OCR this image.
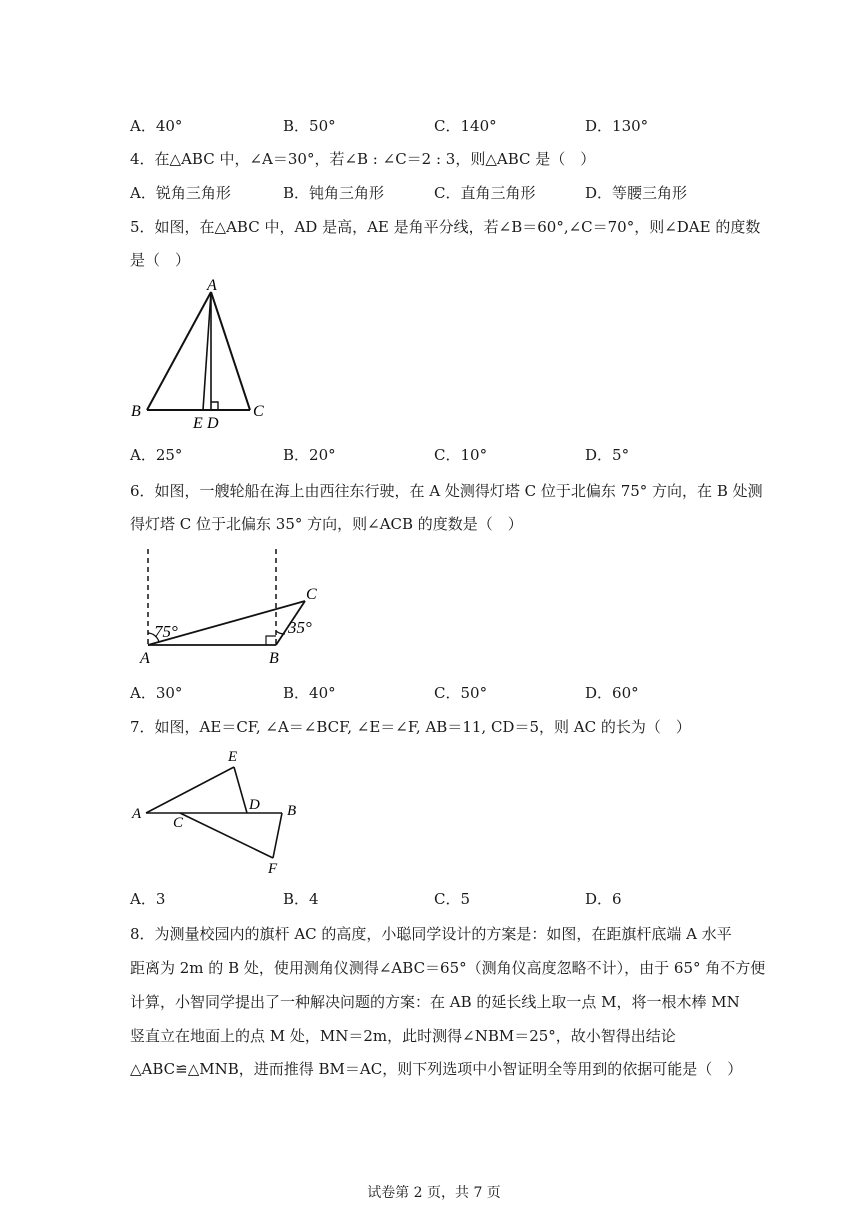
A．40°	B．50°	C．140°	D．130°
4．在△ABC 中，∠A＝30°，若∠B : ∠C＝2 : 3，则△ABC 是（　）
A．锐角三角形	B．钝角三角形	C．直角三角形	D．等腰三角形
5．如图，在△ABC 中，AD 是高，AE 是角平分线，若∠B＝60°,∠C＝70°，则∠DAE 的度数
是（　）
A
B	C
E D
A．25°	B．20°	C．10°	D．5°
6．如图，一艘轮船在海上由西往东行驶，在 A 处测得灯塔 C 位于北偏东 75° 方向，在 B 处测
得灯塔 C 位于北偏东 35° 方向，则∠ACB 的度数是（　）
75°	35°
A	B
C
A．30°	B．40°	C．50°	D．60°
7．如图，AE＝CF, ∠A＝∠BCF, ∠E＝∠F, AB＝11, CD＝5，则 AC 的长为（　）
A
E
D B
C
F
A．3	B．4	C．5	D．6
8．为测量校园内的旗杆 AC 的高度，小聪同学设计的方案是：如图，在距旗杆底端 A 水平
距离为 2m 的 B 处，使用测角仪测得∠ABC＝65°（测角仪高度忽略不计），由于 65° 角不方便
计算，小智同学提出了一种解决问题的方案：在 AB 的延长线上取一点 M，将一根木棒 MN
竖直立在地面上的点 M 处，MN＝2m，此时测得∠NBM＝25°，故小智得出结论
△ABC≌△MNB，进而推得 BM＝AC，则下列选项中小智证明全等用到的依据可能是（　）
试卷第 2 页，共 7 页
